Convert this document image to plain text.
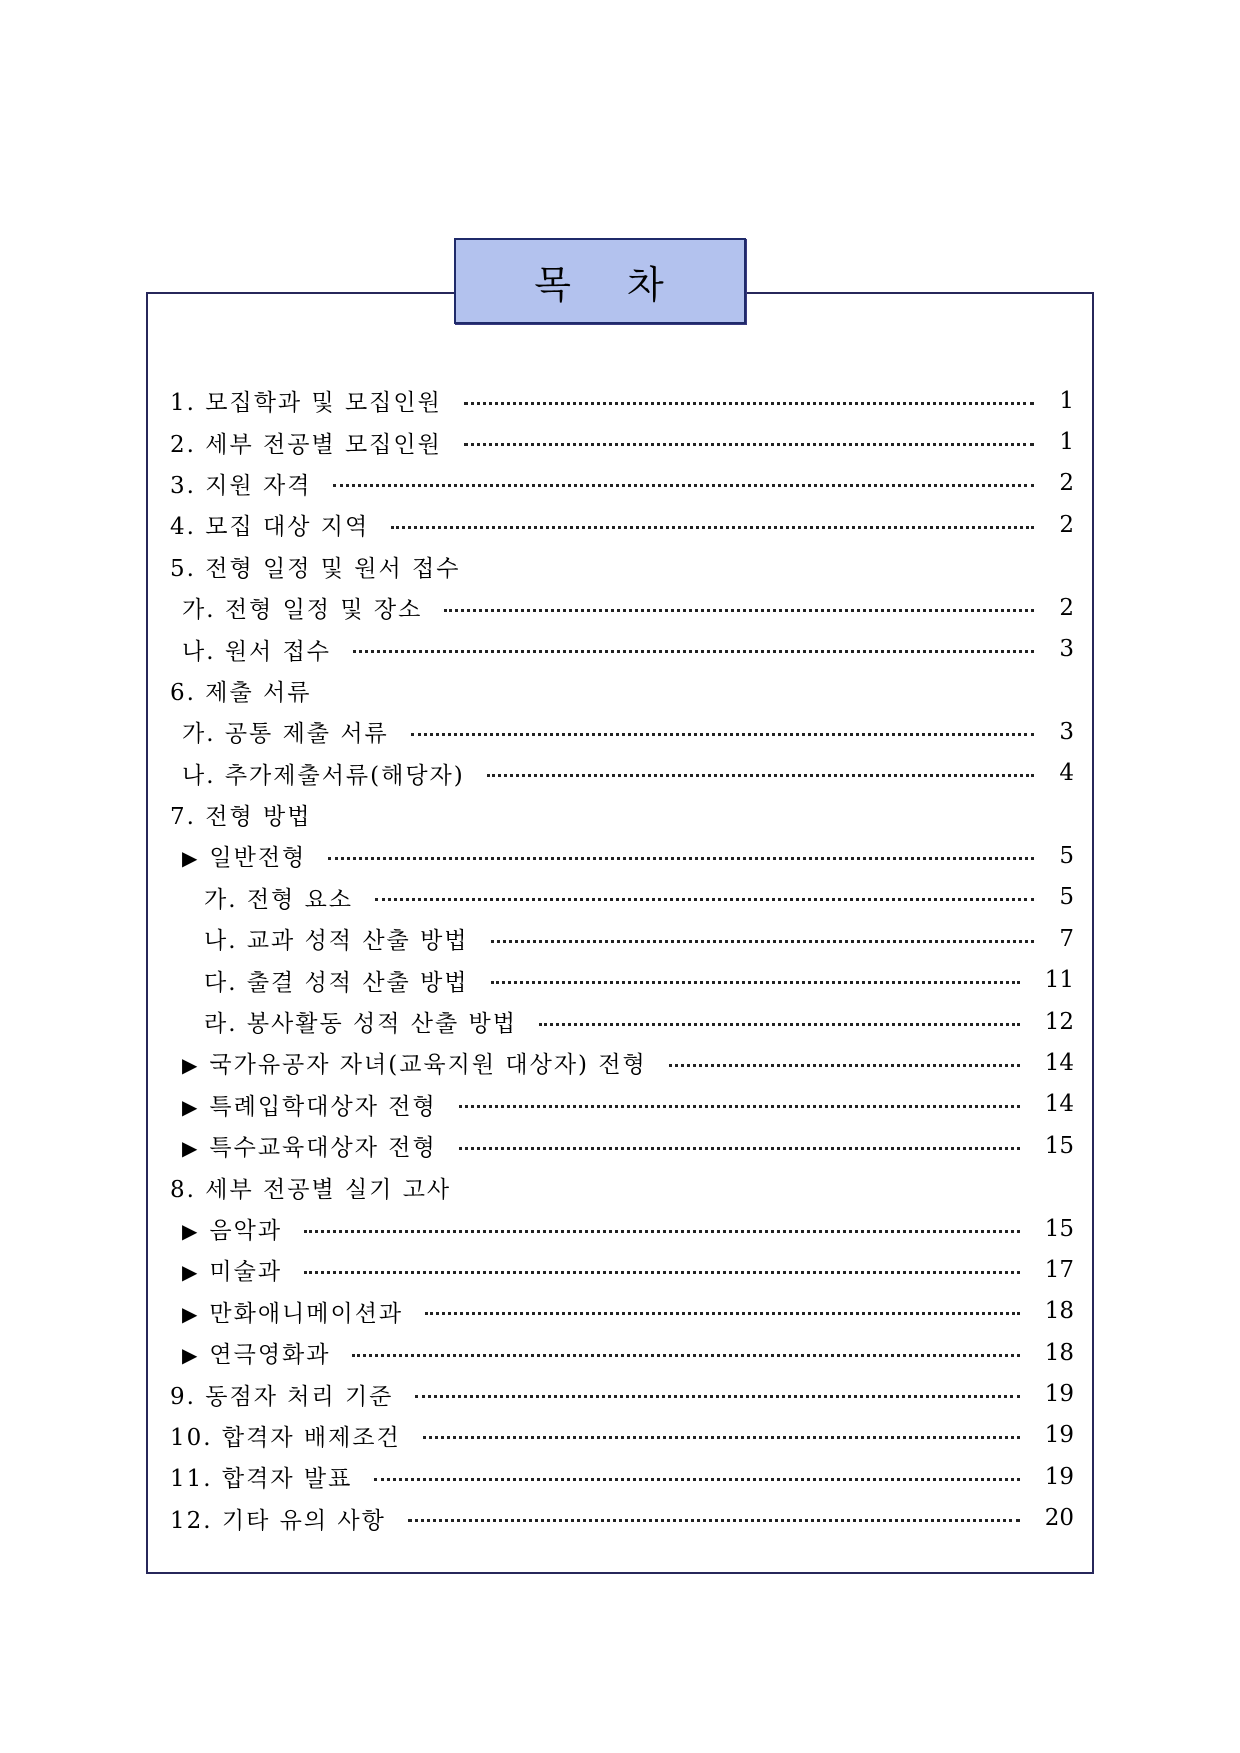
목 차
1. 모집학과 및 모집인원	1
2. 세부 전공별 모집인원	1
3. 지원 자격	2
4. 모집 대상 지역	2
5. 전형 일정 및 원서 접수
가. 전형 일정 및 장소	2
나. 원서 접수	3
6. 제출 서류
가. 공통 제출 서류	3
나. 추가제출서류(해당자)	4
7. 전형 방법
▶ 일반전형	5
가. 전형 요소	5
나. 교과 성적 산출 방법	7
다. 출결 성적 산출 방법	11
라. 봉사활동 성적 산출 방법	12
▶ 국가유공자 자녀(교육지원 대상자) 전형	14
▶ 특례입학대상자 전형	14
▶ 특수교육대상자 전형	15
8. 세부 전공별 실기 고사
▶ 음악과	15
▶ 미술과	17
▶ 만화애니메이션과	18
▶ 연극영화과	18
9. 동점자 처리 기준	19
10. 합격자 배제조건	19
11. 합격자 발표	19
12. 기타 유의 사항	20
